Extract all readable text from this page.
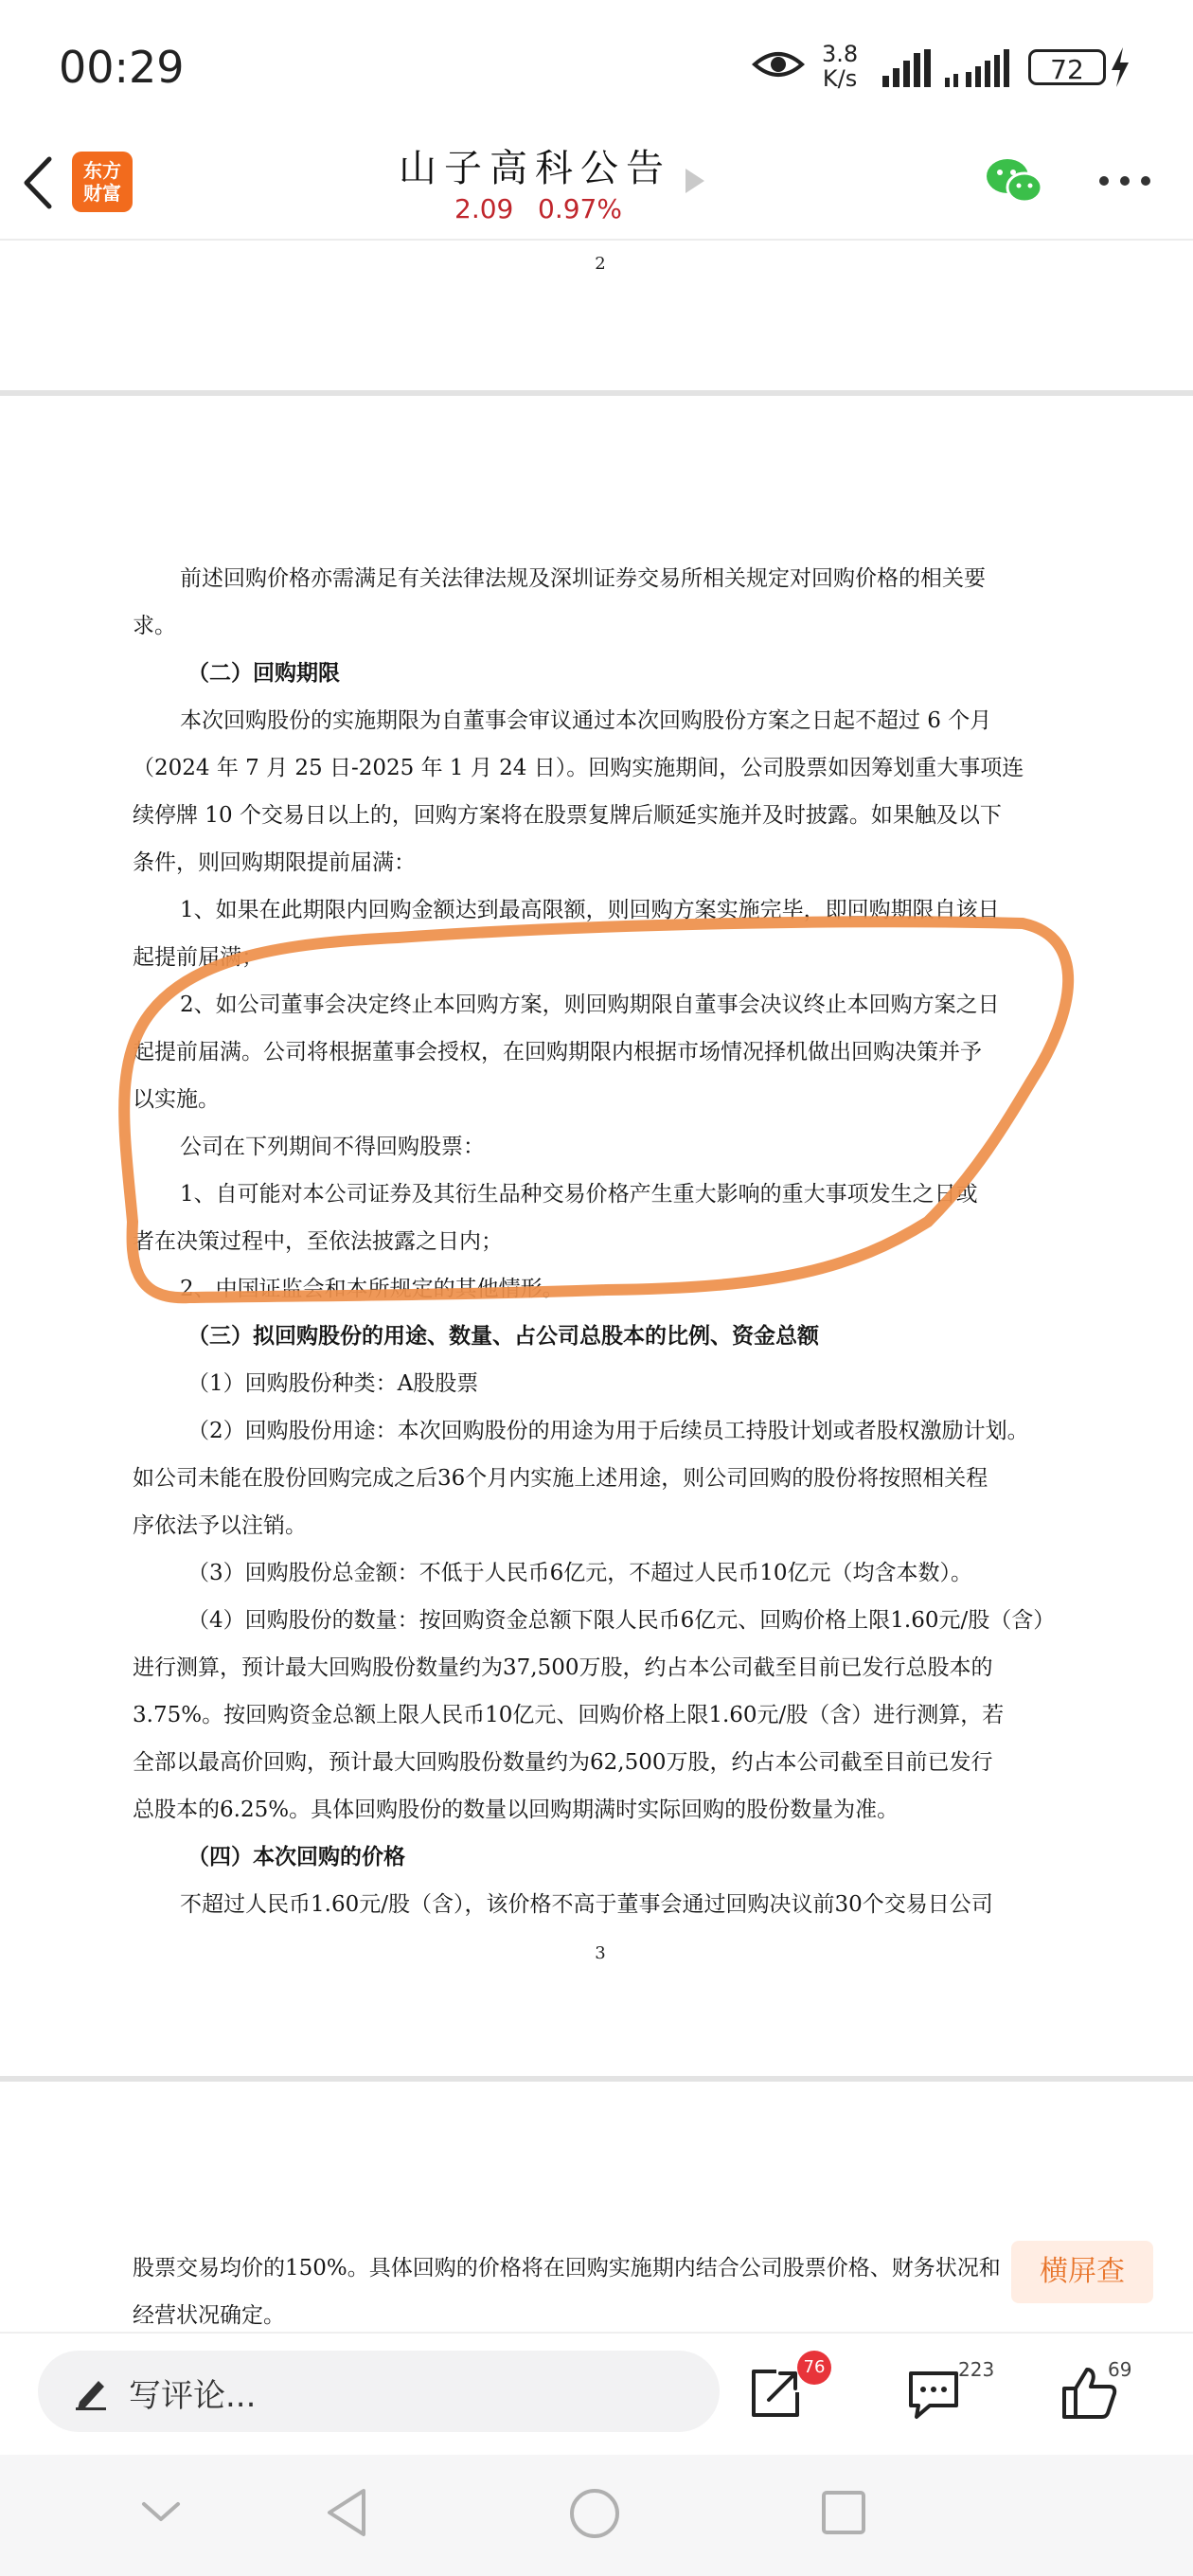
00:29	3.8
K/s	72
东方
财富
山子高科公告
2.09 0.97%
2
前述回购价格亦需满足有关法律法规及深圳证券交易所相关规定对回购价格的相关要
求。
（二）回购期限
本次回购股份的实施期限为自董事会审议通过本次回购股份方案之日起不超过 6 个月
（2024 年 7 月 25 日-2025 年 1 月 24 日）。回购实施期间，公司股票如因筹划重大事项连
续停牌 10 个交易日以上的，回购方案将在股票复牌后顺延实施并及时披露。如果触及以下
条件，则回购期限提前届满：
1、如果在此期限内回购金额达到最高限额，则回购方案实施完毕，即回购期限自该日
起提前届满；
2、如公司董事会决定终止本回购方案，则回购期限自董事会决议终止本回购方案之日
起提前届满。公司将根据董事会授权，在回购期限内根据市场情况择机做出回购决策并予
以实施。
公司在下列期间不得回购股票：
1、自可能对本公司证券及其衍生品种交易价格产生重大影响的重大事项发生之日或
者在决策过程中，至依法披露之日内；
2、中国证监会和本所规定的其他情形。
（三）拟回购股份的用途、数量、占公司总股本的比例、资金总额
（1）回购股份种类：A股股票
（2）回购股份用途：本次回购股份的用途为用于后续员工持股计划或者股权激励计划。
如公司未能在股份回购完成之后36个月内实施上述用途，则公司回购的股份将按照相关程
序依法予以注销。
（3）回购股份总金额：不低于人民币6亿元，不超过人民币10亿元（均含本数）。
（4）回购股份的数量：按回购资金总额下限人民币6亿元、回购价格上限1.60元/股（含）
进行测算，预计最大回购股份数量约为37,500万股，约占本公司截至目前已发行总股本的
3.75%。按回购资金总额上限人民币10亿元、回购价格上限1.60元/股（含）进行测算，若
全部以最高价回购，预计最大回购股份数量约为62,500万股，约占本公司截至目前已发行
总股本的6.25%。具体回购股份的数量以回购期满时实际回购的股份数量为准。
（四）本次回购的价格
不超过人民币1.60元/股（含），该价格不高于董事会通过回购决议前30个交易日公司
3
股票交易均价的150%。具体回购的价格将在回购实施期内结合公司股票价格、财务状况和
经营状况确定。
横屏查
写评论...
76	223	69
